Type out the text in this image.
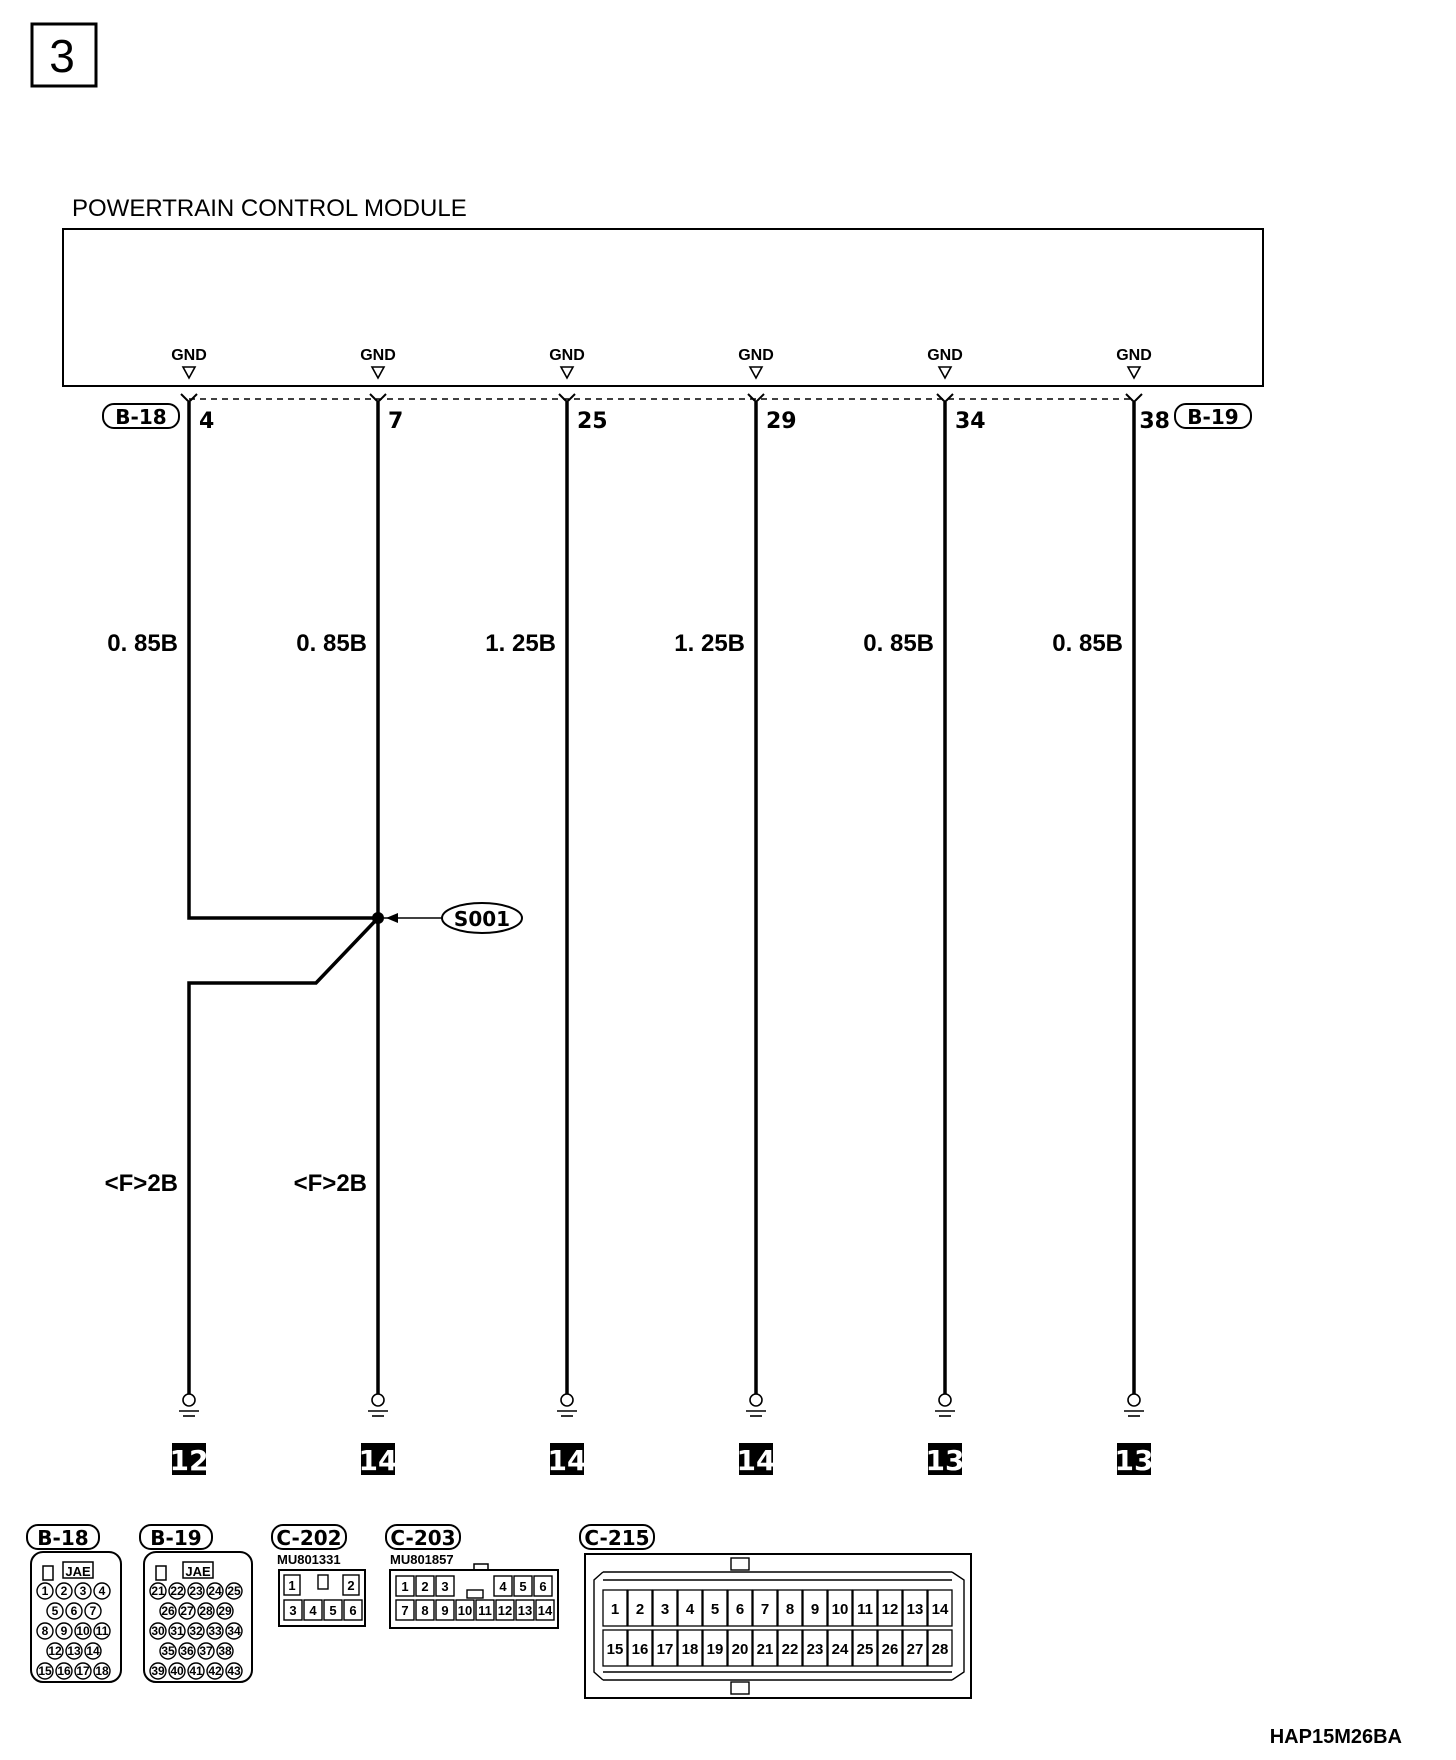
3
POWERTRAIN CONTROL MODULE
GND	GND	GND	GND	GND	GND
B-18	B-19
4	7	25	29	34	38
S001
0. 85B	0. 85B	1. 25B	1. 25B	0. 85B	0. 85B
<F>2B	<F>2B
12	14	14	14	13	13
B-18
JAE
1 2 3 4
5 6 7
8 9 10 11
12 13 14
15 16 17 18
B-19
JAE
21 22 23 24 25
26 27 28 29
30 31 32 33 34
35 36 37 38
39 40 41 42 43
C-202
MU801331
1	2
3 4 5 6
C-203
MU801857
1 2 3	4 5 6
7 8 9 10 11 12 13 14
C-215
1 2 3 4 5 6 7 8 9 10 11 12 13 14
15 16 17 18 19 20 21 22 23 24 25 26 27 28
HAP15M26BA
